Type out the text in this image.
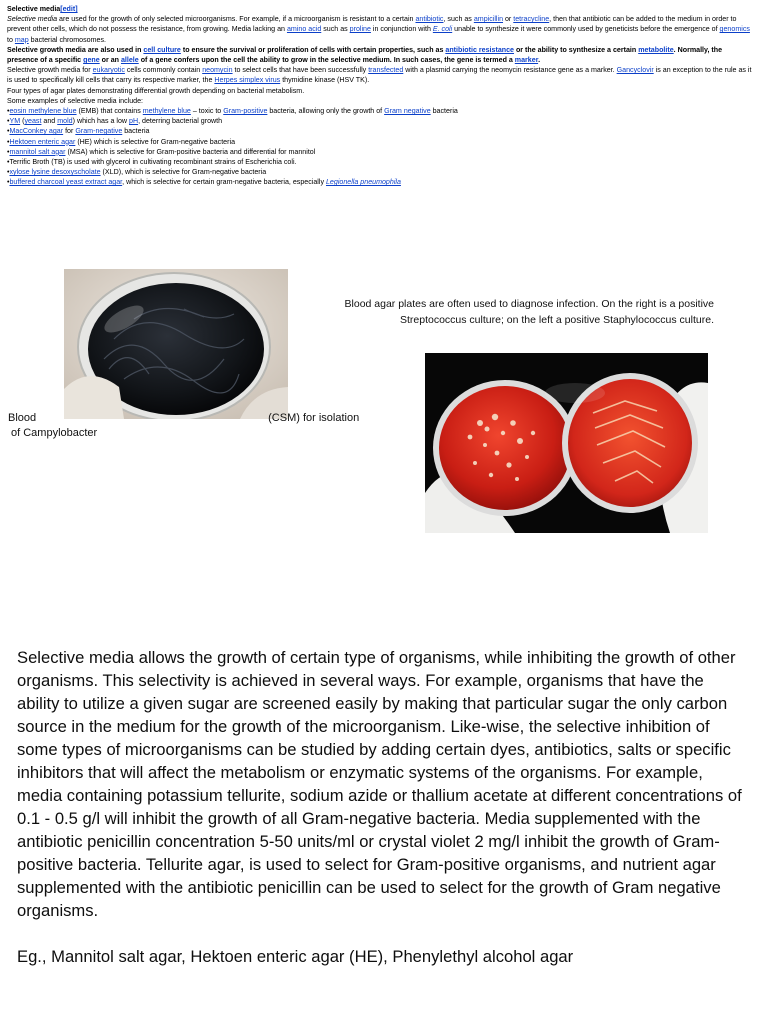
Selective media[edit]

Selective media are used for the growth of only selected microorganisms. For example, if a microorganism is resistant to a certain antibiotic, such as ampicillin or tetracycline, then that antibiotic can be added to the medium in order to prevent other cells, which do not possess the resistance, from growing. Media lacking an amino acid such as proline in conjunction with E. coli unable to synthesize it were commonly used by geneticists before the emergence of genomics to map bacterial chromosomes.

Selective growth media are also used in cell culture to ensure the survival or proliferation of cells with certain properties, such as antibiotic resistance or the ability to synthesize a certain metabolite. Normally, the presence of a specific gene or an allele of a gene confers upon the cell the ability to grow in the selective medium. In such cases, the gene is termed a marker.

Selective growth media for eukaryotic cells commonly contain neomycin to select cells that have been successfully transfected with a plasmid carrying the neomycin resistance gene as a marker. Gancyclovir is an exception to the rule as it is used to specifically kill cells that carry its respective marker, the Herpes simplex virus thymidine kinase (HSV TK).

Four types of agar plates demonstrating differential growth depending on bacterial metabolism.

Some examples of selective media include:

•eosin methylene blue (EMB) that contains methylene blue – toxic to Gram-positive bacteria, allowing only the growth of Gram negative bacteria

•YM (yeast and mold) which has a low pH, deterring bacterial growth

•MacConkey agar for Gram-negative bacteria

•Hektoen enteric agar (HE) which is selective for Gram-negative bacteria

•mannitol salt agar (MSA) which is selective for Gram-positive bacteria and differential for mannitol

•Terrific Broth (TB) is used with glycerol in cultivating recombinant strains of Escherichia coli.

•xylose lysine desoxyscholate (XLD), which is selective for Gram-negative bacteria

•buffered charcoal yeast extract agar, which is selective for certain gram-negative bacteria, especially Legionella pneumophila

Blood	(CSM) for isolation
of Campylobacter
Blood agar plates are often used to diagnose infection. On the right is a positive
Streptococcus culture; on the left a positive Staphylococcus culture.

Selective media allows the growth of certain type of organisms, while inhibiting the growth of other organisms. This selectivity is achieved in several ways. For example, organisms that have the ability to utilize a given sugar are screened easily by making that particular sugar the only carbon source in the medium for the growth of the microorganism. Like-wise, the selective inhibition of some types of microorganisms can be studied by adding certain dyes, antibiotics, salts or specific inhibitors that will affect the metabolism or enzymatic systems of the organisms. For example, media containing potassium tellurite, sodium azide or thallium acetate at different concentrations of 0.1 - 0.5 g/l will inhibit the growth of all Gram-negative bacteria. Media supplemented with the antibiotic penicillin concentration 5-50 units/ml or crystal violet 2 mg/l inhibit the growth of Gram-positive bacteria. Tellurite agar, is used to select for Gram-positive organisms, and nutrient agar supplemented with the antibiotic penicillin can be used to select for the growth of Gram negative organisms.

Eg., Mannitol salt agar, Hektoen enteric agar (HE), Phenylethyl alcohol agar
